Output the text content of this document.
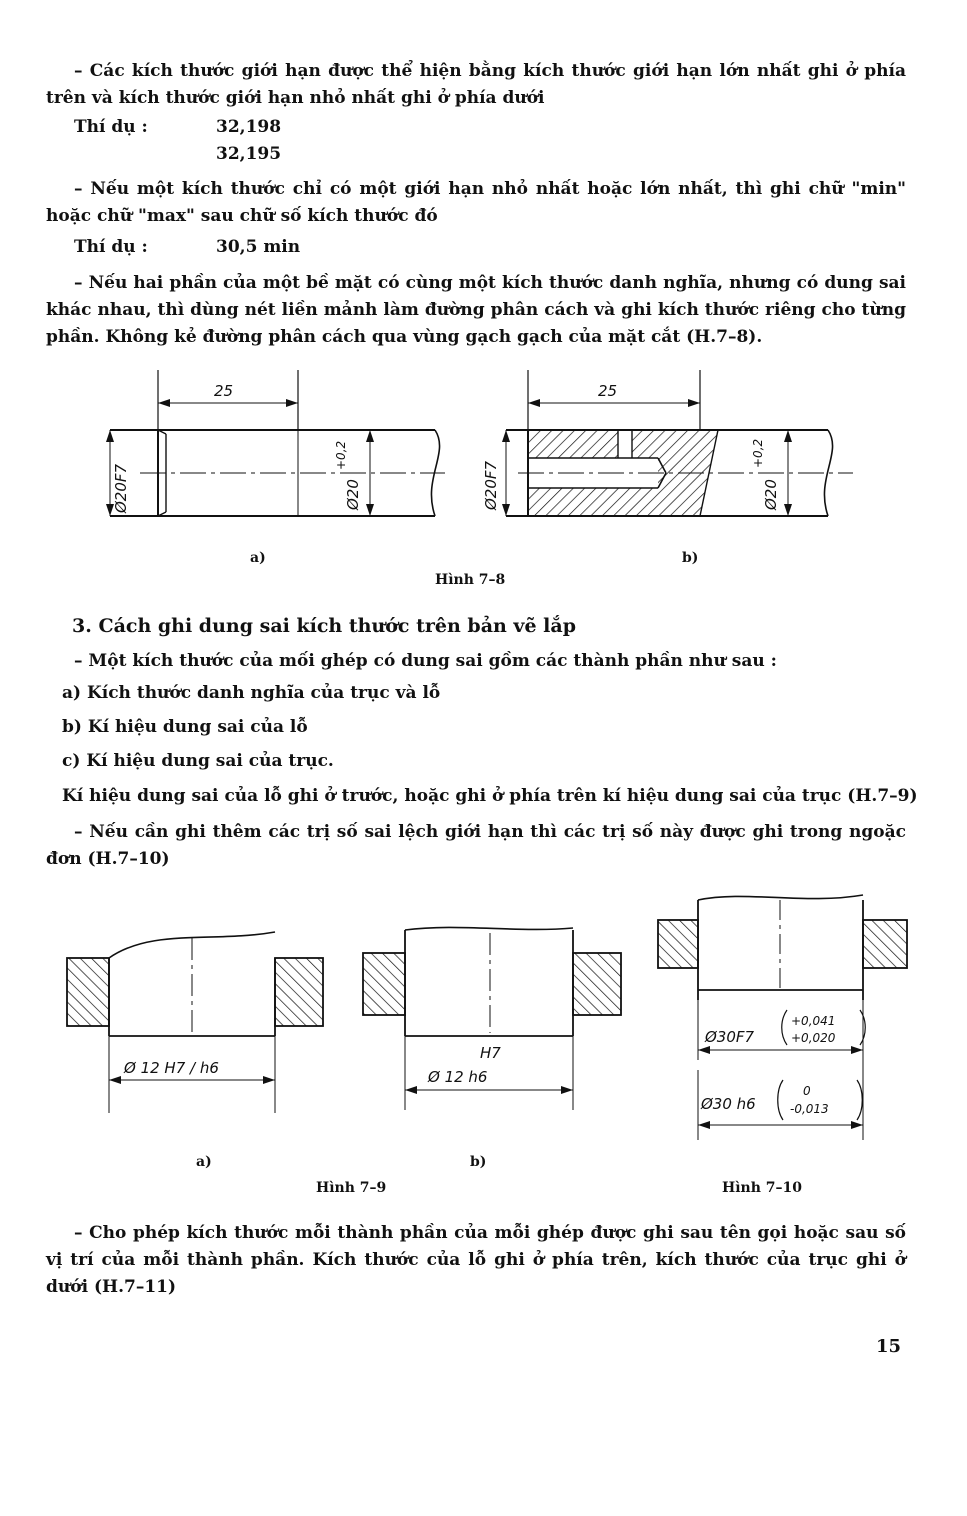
– Các kích thước giới hạn được thể hiện bằng kích thước giới hạn lớn nhất ghi ở phía trên và kích thước giới hạn nhỏ nhất ghi ở phía dưới
Thí dụ :	32,198
32,195
– Nếu một kích thước chỉ có một giới hạn nhỏ nhất hoặc lớn nhất, thì ghi chữ "min" hoặc chữ "max" sau chữ số kích thước đó
Thí dụ :	30,5 min
– Nếu hai phần của một bề mặt có cùng một kích thước danh nghĩa, nhưng có dung sai khác nhau, thì dùng nét liền mảnh làm đường phân cách và ghi kích thước riêng cho từng phần. Không kẻ đường phân cách qua vùng gạch gạch của mặt cắt (H.7–8).
25
Ø20F7	Ø20
+0,2
25
Ø20F7	Ø20
+0,2
a)	b)
Hình 7–8
3. Cách ghi dung sai kích thước trên bản vẽ lắp
– Một kích thước của mối ghép có dung sai gồm các thành phần như sau :
a) Kích thước danh nghĩa của trục và lỗ
b) Kí hiệu dung sai của lỗ
c) Kí hiệu dung sai của trục.
Kí hiệu dung sai của lỗ ghi ở trước, hoặc ghi ở phía trên kí hiệu dung sai của trục (H.7–9)
– Nếu cần ghi thêm các trị số sai lệch giới hạn thì các trị số này được ghi trong ngoặc đơn (H.7–10)
Ø 12 H7 / h6
H7
Ø 12 h6
Ø30F7
+0,041
+0,020
Ø30 h6
0
-0,013
a)	b)
Hình 7–9	Hình 7–10
– Cho phép kích thước mỗi thành phần của mỗi ghép được ghi sau tên gọi hoặc sau số vị trí của mỗi thành phần. Kích thước của lỗ ghi ở phía trên, kích thước của trục ghi ở dưới (H.7–11)
15
